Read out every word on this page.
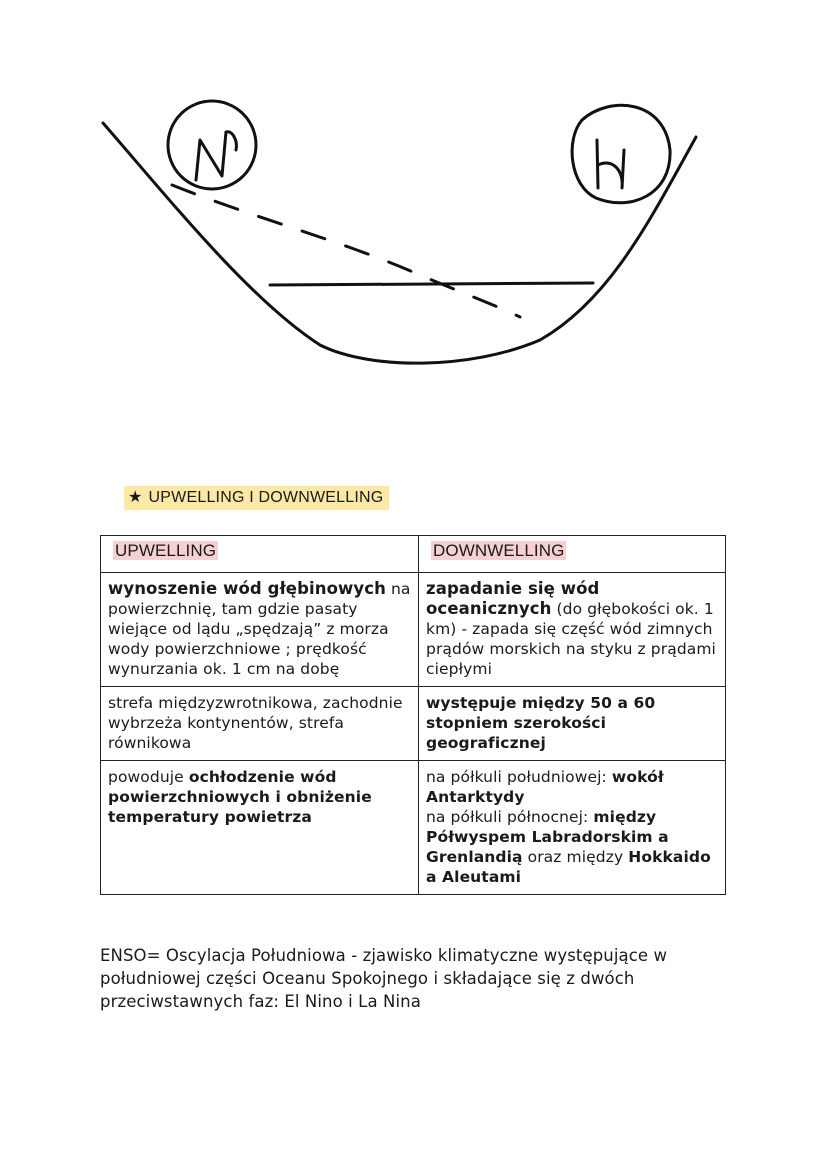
★ UPWELLING I DOWNWELLING
UPWELLING	DOWNWELLING
wynoszenie wód głębinowych na powierzchnię, tam gdzie pasaty wiejące od lądu „spędzają” z morza wody powierzchniowe ; prędkość wynurzania ok. 1 cm na dobę	zapadanie się wód oceanicznych (do głębokości ok. 1 km) - zapada się część wód zimnych prądów morskich na styku z prądami ciepłymi
strefa międzyzwrotnikowa, zachodnie wybrzeża kontynentów, strefa równikowa	występuje między 50 a 60 stopniem szerokości geograficznej
powoduje ochłodzenie wód powierzchniowych i obniżenie temperatury powietrza	na półkuli południowej: wokół Antarktydy
na półkuli północnej: między Półwyspem Labradorskim a Grenlandią oraz między Hokkaido a Aleutami
ENSO= Oscylacja Południowa - zjawisko klimatyczne występujące w południowej części Oceanu Spokojnego i składające się z dwóch przeciwstawnych faz: El Nino i La Nina
